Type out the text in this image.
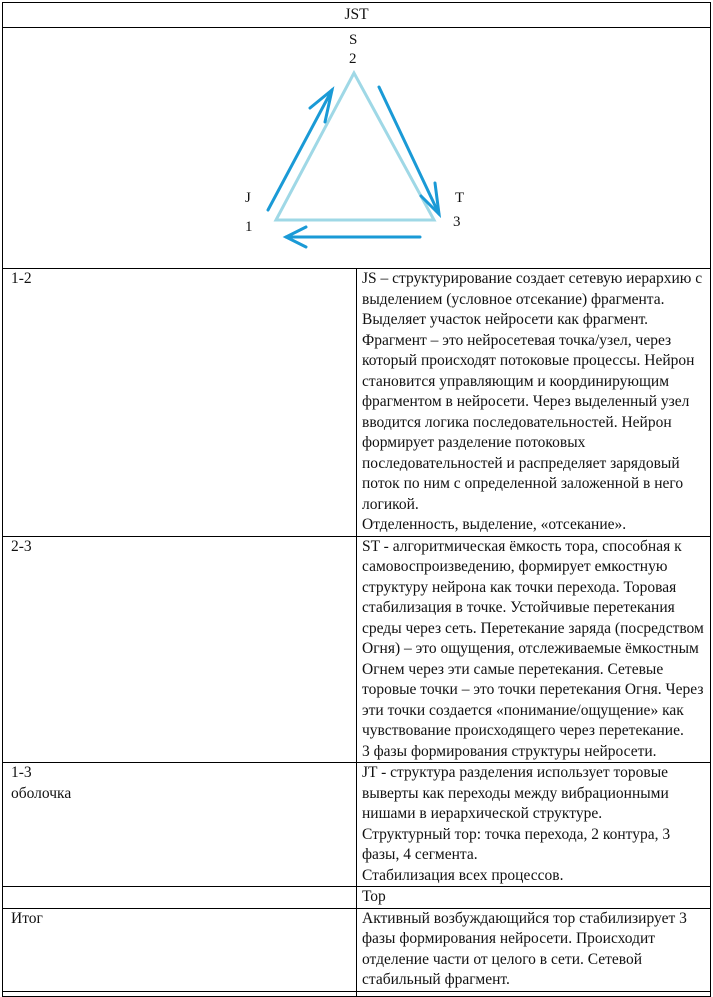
JST	

S
2
J
1
T
3

1-2	JS – структурирование создает сетевую иерархию с выделением (условное отсекание) фрагмента. Выделяет участок нейросети как фрагмент. Фрагмент – это нейросетевая точка/узел, через который происходят потоковые процессы. Нейрон становится управляющим и координирующим фрагментом в нейросети. Через выделенный узел вводится логика последовательностей. Нейрон формирует разделение потоковых последовательностей и распределяет зарядовый поток по ним с определенной заложенной в него логикой.
Отделенность, выделение, «отсекание».

2-3	ST - алгоритмическая ёмкость тора, способная к самовоспроизведению, формирует емкостную структуру нейрона как точки перехода. Торовая стабилизация в точке. Устойчивые перетекания среды через сеть. Перетекание заряда (посредством Огня) – это ощущения, отслеживаемые ёмкостным Огнем через эти самые перетекания. Сетевые торовые точки – это точки перетекания Огня. Через эти точки создается «понимание/ощущение» как чувствование происходящего через перетекание.
3 фазы формирования структуры нейросети.

1-3
оболочка	JT - структура разделения использует торовые выверты как переходы между вибрационными нишами в иерархической структуре.
Структурный тор: точка перехода, 2 контура, 3 фазы, 4 сегмента.
Стабилизация всех процессов.

	Тор

Итог	Активный возбуждающийся тор стабилизирует 3 фазы формирования нейросети. Происходит отделение части от целого в сети. Сетевой стабильный фрагмент.
